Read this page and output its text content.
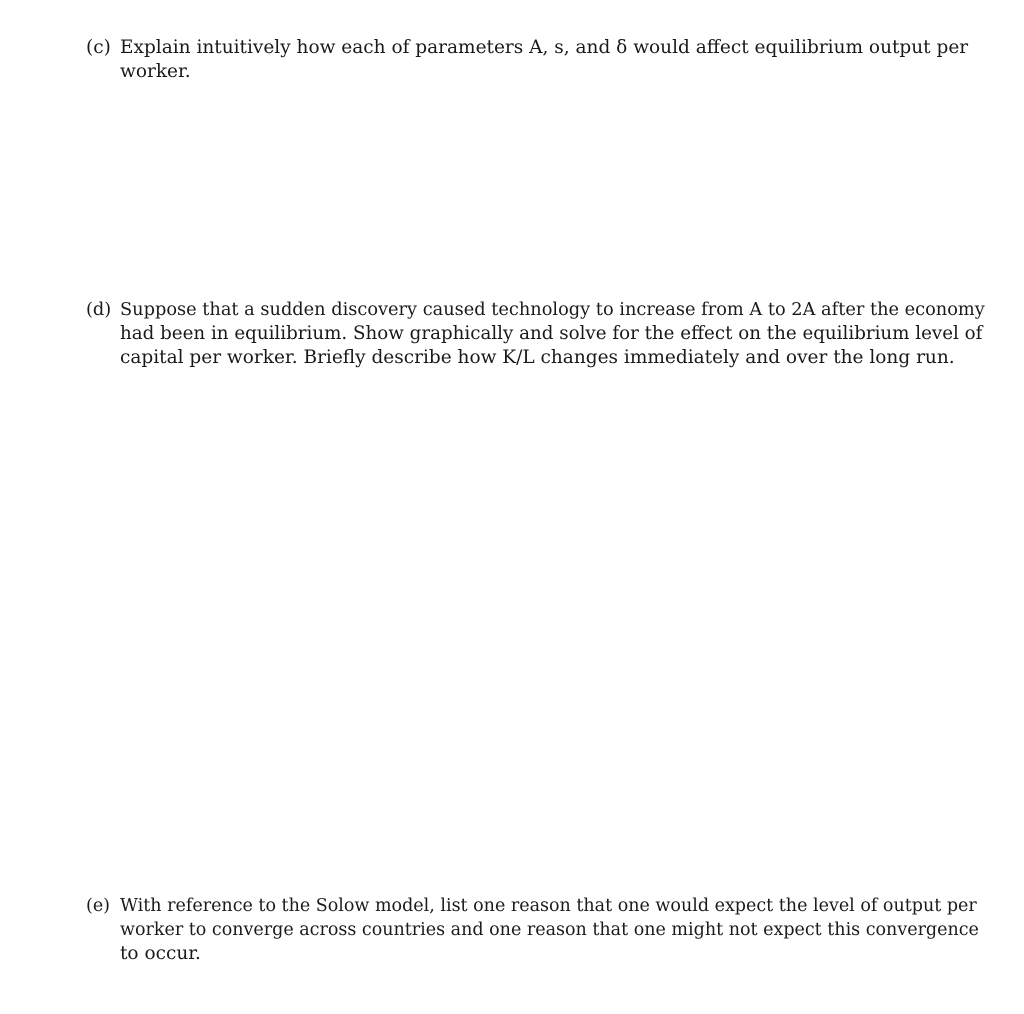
(c) Explain intuitively how each of parameters A, s, and δ would affect equilibrium output per
worker.
(d) Suppose that a sudden discovery caused technology to increase from A to 2A after the economy
had been in equilibrium. Show graphically and solve for the effect on the equilibrium level of
capital per worker. Briefly describe how K/L changes immediately and over the long run.
(e) With reference to the Solow model, list one reason that one would expect the level of output per
worker to converge across countries and one reason that one might not expect this convergence
to occur.
